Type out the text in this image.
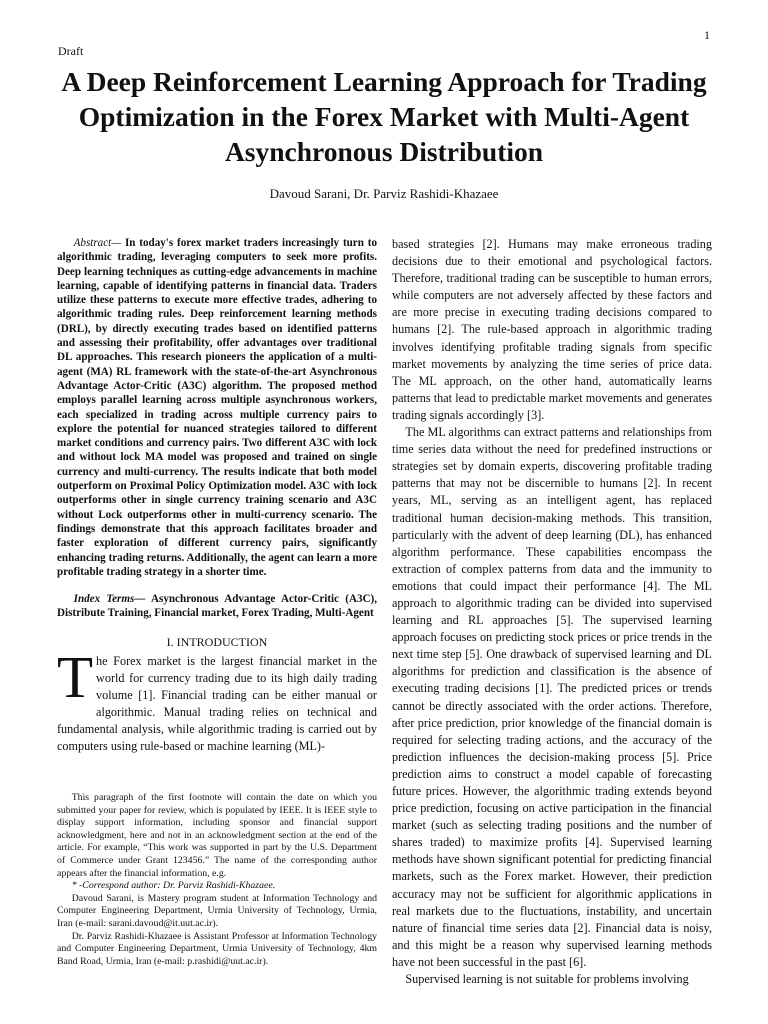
1
Draft
A Deep Reinforcement Learning Approach for Trading Optimization in the Forex Market with Multi-Agent Asynchronous Distribution
Davoud Sarani, Dr. Parviz Rashidi-Khazaee

Abstract— In today's forex market traders increasingly turn to algorithmic trading, leveraging computers to seek more profits. Deep learning techniques as cutting-edge advancements in machine learning, capable of identifying patterns in financial data. Traders utilize these patterns to execute more effective trades, adhering to algorithmic trading rules. Deep reinforcement learning methods (DRL), by directly executing trades based on identified patterns and assessing their profitability, offer advantages over traditional DL approaches. This research pioneers the application of a multi-agent (MA) RL framework with the state-of-the-art Asynchronous Advantage Actor-Critic (A3C) algorithm. The proposed method employs parallel learning across multiple asynchronous workers, each specialized in trading across multiple currency pairs to explore the potential for nuanced strategies tailored to different market conditions and currency pairs. Two different A3C with lock and without lock MA model was proposed and trained on single currency and multi-currency. The results indicate that both model outperform on Proximal Policy Optimization model. A3C with lock outperforms other in single currency training scenario and A3C without Lock outperforms other in multi-currency scenario. The findings demonstrate that this approach facilitates broader and faster exploration of different currency pairs, significantly enhancing trading returns. Additionally, the agent can learn a more profitable trading strategy in a shorter time.

Index Terms— Asynchronous Advantage Actor-Critic (A3C), Distribute Training, Financial market, Forex Trading, Multi-Agent

I. INTRODUCTION

The Forex market is the largest financial market in the world for currency trading due to its high daily trading volume [1]. Financial trading can be either manual or algorithmic. Manual trading relies on technical and fundamental analysis, while algorithmic trading is carried out by computers using rule-based or machine learning (ML)-

This paragraph of the first footnote will contain the date on which you submitted your paper for review, which is populated by IEEE. It is IEEE style to display support information, including sponsor and financial support acknowledgment, here and not in an acknowledgment section at the end of the article. For example, “This work was supported in part by the U.S. Department of Commerce under Grant 123456.” The name of the corresponding author appears after the financial information, e.g.

* -Correspond author: Dr. Parviz Rashidi-Khazaee.

Davoud Sarani, is Mastery program student at Information Technology and Computer Engineering Department, Urmia University of Technology, Urmia, Iran (e-mail: sarani.davoud@it.uut.ac.ir).

Dr. Parviz Rashidi-Khazaee is Assistant Professor at Information Technology and Computer Engineering Department, Urmia University of Technology, 4km Band Road, Urmia, Iran (e-mail: p.rashidi@uut.ac.ir).

based strategies [2]. Humans may make erroneous trading decisions due to their emotional and psychological factors. Therefore, traditional trading can be susceptible to human errors, while computers are not adversely affected by these factors and are more precise in executing trading decisions compared to humans [2]. The rule-based approach in algorithmic trading involves identifying profitable trading signals from specific market movements by analyzing the time series of price data. The ML approach, on the other hand, automatically learns patterns that lead to predictable market movements and generates trading signals accordingly [3].

The ML algorithms can extract patterns and relationships from time series data without the need for predefined instructions or strategies set by domain experts, discovering profitable trading patterns that may not be discernible to humans [2]. In recent years, ML, serving as an intelligent agent, has replaced traditional human decision-making methods. This transition, particularly with the advent of deep learning (DL), has enhanced algorithm performance. These capabilities encompass the extraction of complex patterns from data and the immunity to emotions that could impact their performance [4]. The ML approach to algorithmic trading can be divided into supervised learning and RL approaches [5]. The supervised learning approach focuses on predicting stock prices or price trends in the next time step [5]. One drawback of supervised learning and DL algorithms for prediction and classification is the absence of executing trading decisions [1]. The predicted prices or trends cannot be directly associated with the order actions. Therefore, after price prediction, prior knowledge of the financial domain is required for selecting trading actions, and the accuracy of the prediction influences the decision-making process [5]. Price prediction aims to construct a model capable of forecasting future prices. However, the algorithmic trading extends beyond price prediction, focusing on active participation in the financial market (such as selecting trading positions and the number of shares traded) to maximize profits [4]. Supervised learning methods have shown significant potential for predicting financial markets, such as the Forex market. However, their prediction accuracy may not be sufficient for algorithmic applications in real markets due to the fluctuations, instability, and uncertain nature of financial time series data [2]. Financial data is noisy, and this might be a reason why supervised learning methods have not been successful in the past [6].

Supervised learning is not suitable for problems involving
